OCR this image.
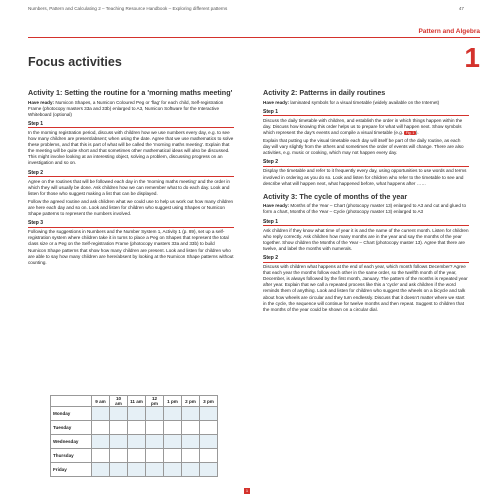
Numbers, Pattern and Calculating 2 – Teaching Resource Handbook – Exploring different patterns	47
Pattern and Algebra
1
Focus activities
Activity 1: Setting the routine for a 'morning maths meeting'
Have ready: Numicon Shapes, a Numicon Coloured Peg or 'flag' for each child, Self-registration Frame (photocopy masters 33a and 33b) enlarged to A3, Numicon Software for the Interactive Whiteboard (optional)
Step 1
In the morning registration period, discuss with children how we use numbers every day, e.g. to see how many children are present/absent; when using the date. Agree that we use mathematics to solve these problems, and that this is part of what will be called the 'morning maths meeting'. Explain that the meeting will be quite short and that sometimes other mathematical ideas will also be discussed. This might involve looking at an interesting object, solving a problem, discussing progress on an investigation and so on.
Step 2
Agree on the routines that will be followed each day in the 'morning maths meeting' and the order in which they will usually be done. Ask children how we can remember what to do each day. Look and listen for those who suggest making a list that can be displayed.
Follow the agreed routine and ask children what we could use to help us work out how many children are here each day and so on. Look and listen for children who suggest using Shapes or Numicon Shape patterns to represent the numbers involved.
Step 3
Following the suggestions in Numbers and the Number System 1, Activity 1 (p. 89), set up a self-registration system where children take it in turns to place a Peg on Shapes that represent the total class size or a Peg on the Self-registration Frame (photocopy masters 33a and 33b) to build Numicon Shape patterns that show how many children are present. Look and listen for children who are able to say how many children are here/absent by looking at the Numicon Shape patterns without counting.
	9 am	10 am	11 am	12 pm	1 pm	2 pm	3 pm
Monday							
Tuesday							
Wednesday							
Thursday							
Friday							
Activity 2: Patterns in daily routines
Have ready: laminated symbols for a visual timetable (widely available on the Internet)
Step 1
Discuss the daily timetable with children, and establish the order in which things happen within the day. Discuss how knowing this order helps us to prepare for what will happen next. Show symbols which represent the day's events and compile a visual timetable (e.g. Fig. 1 ).
Explain that putting up the visual timetable each day will itself be part of the daily routine, as each day will vary slightly from the others and sometimes the order of events will change. There are also activities, e.g. music or cooking, which may not happen every day.
Step 2
Display the timetable and refer to it frequently every day, using opportunities to use words and terms involved in ordering as you do so. Look and listen for children who refer to the timetable to see and describe what will happen next, what happened before, what happens after ……
Activity 3: The cycle of months of the year
Have ready: Months of the Year – Chart (photocopy master 13) enlarged to A3 and cut and glued to form a chart, Months of the Year – Cycle (photocopy master 13) enlarged to A3
Step 1
Ask children if they know what time of year it is and the name of the current month. Listen for children who reply correctly. Ask children how many months are in the year and say the months of the year together. Show children the Months of the Year – Chart (photocopy master 13). Agree that there are twelve, and label the months with numerals.
Step 2
Discuss with children what happens at the end of each year, which month follows December? Agree that each year the months follow each other in the same order, so the twelfth month of the year, December, is always followed by the first month, January. The pattern of the months is repeated year after year. Explain that we call a repeated process like this a 'cycle' and ask children if the word reminds them of anything. Look and listen for children who suggest the wheels on a bicycle and talk about how wheels are circular and they turn endlessly. Discuss that it doesn't matter where we start in the cycle, the sequence will continue for twelve months and then repeat. Suggest to children that the months of the year could be shown on a circular dial.
1
